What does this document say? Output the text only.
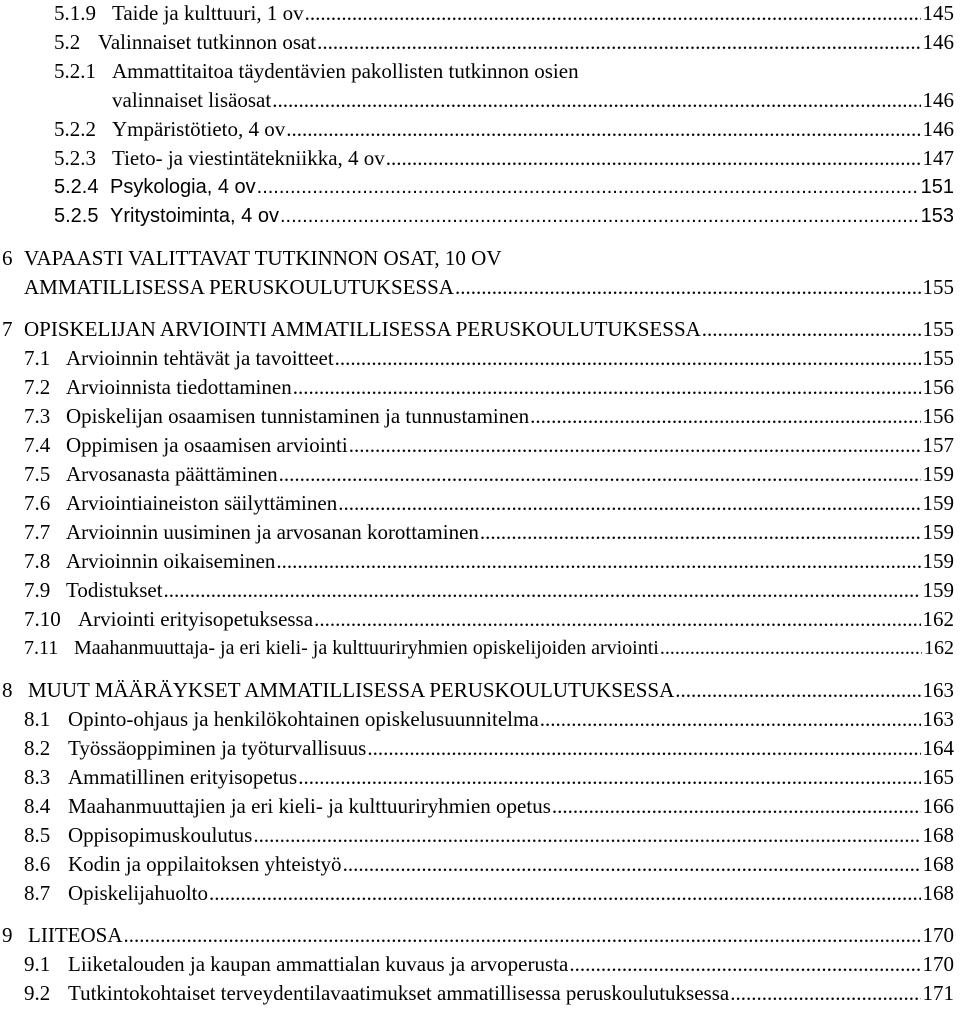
5.1.9 Taide ja kulttuuri, 1 ov .....	145
5.2 Valinnaiset tutkinnon osat .....	146
5.2.1 Ammattitaitoa täydentävien pakollisten tutkinnon osien
valinnaiset lisäosat .....	146
5.2.2 Ympäristötieto, 4 ov .....	146
5.2.3 Tieto- ja viestintätekniikka, 4 ov .....	147
5.2.4 Psykologia, 4 ov .....	151
5.2.5 Yritystoiminta, 4 ov .....	153
6 VAPAASTI VALITTAVAT TUTKINNON OSAT, 10 OV
AMMATILLISESSA PERUSKOULUTUKSESSA .....	155
7 OPISKELIJAN ARVIOINTI AMMATILLISESSA PERUSKOULUTUKSESSA .....	155
7.1 Arvioinnin tehtävät ja tavoitteet .....	155
7.2 Arvioinnista tiedottaminen .....	156
7.3 Opiskelijan osaamisen tunnistaminen ja tunnustaminen .....	156
7.4 Oppimisen ja osaamisen arviointi .....	157
7.5 Arvosanasta päättäminen .....	159
7.6 Arviointiaineiston säilyttäminen .....	159
7.7 Arvioinnin uusiminen ja arvosanan korottaminen .....	159
7.8 Arvioinnin oikaiseminen .....	159
7.9 Todistukset .....	159
7.10 Arviointi erityisopetuksessa .....	162
7.11 Maahanmuuttaja- ja eri kieli- ja kulttuuriryhmien opiskelijoiden arviointi .....	162
8 MUUT MÄÄRÄYKSET AMMATILLISESSA PERUSKOULUTUKSESSA .....	163
8.1 Opinto-ohjaus ja henkilökohtainen opiskelusuunnitelma .....	163
8.2 Työssäoppiminen ja työturvallisuus .....	164
8.3 Ammatillinen erityisopetus .....	165
8.4 Maahanmuuttajien ja eri kieli- ja kulttuuriryhmien opetus .....	166
8.5 Oppisopimuskoulutus .....	168
8.6 Kodin ja oppilaitoksen yhteistyö .....	168
8.7 Opiskelijahuolto .....	168
9 LIITEOSA .....	170
9.1 Liiketalouden ja kaupan ammattialan kuvaus ja arvoperusta .....	170
9.2 Tutkintokohtaiset terveydentilavaatimukset ammatillisessa peruskoulutuksessa .....	171
